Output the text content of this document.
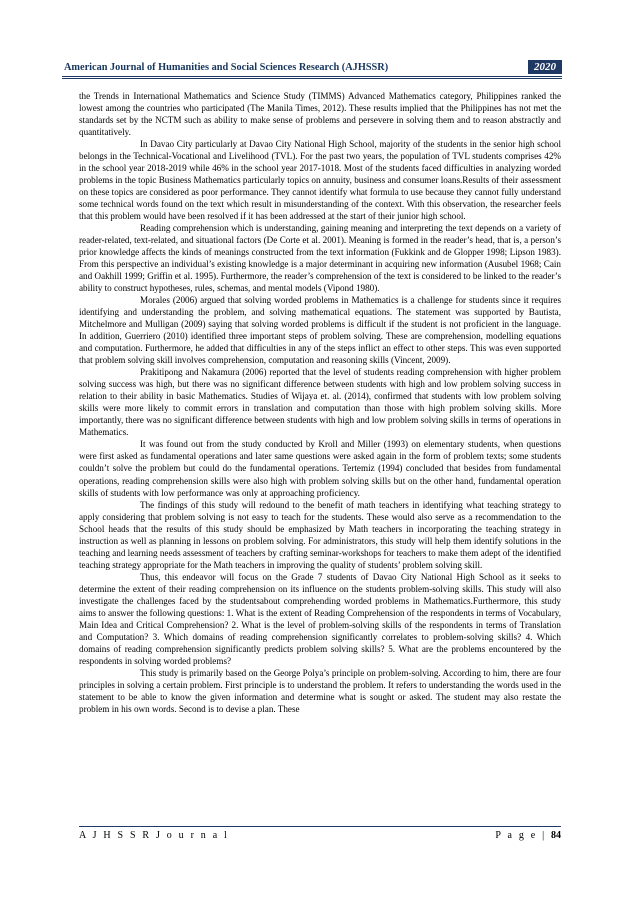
American Journal of Humanities and Social Sciences Research (AJHSSR)	2020

the Trends in International Mathematics and Science Study (TIMMS) Advanced Mathematics category, Philippines ranked the lowest among the countries who participated (The Manila Times, 2012). These results implied that the Philippines has not met the standards set by the NCTM such as ability to make sense of problems and persevere in solving them and to reason abstractly and quantitatively.

In Davao City particularly at Davao City National High School, majority of the students in the senior high school belongs in the Technical-Vocational and Livelihood (TVL). For the past two years, the population of TVL students comprises 42% in the school year 2018-2019 while 46% in the school year 2017-1018. Most of the students faced difficulties in analyzing worded problems in the topic Business Mathematics particularly topics on annuity, business and consumer loans.Results of their assessment on these topics are considered as poor performance. They cannot identify what formula to use because they cannot fully understand some technical words found on the text which result in misunderstanding of the context. With this observation, the researcher feels that this problem would have been resolved if it has been addressed at the start of their junior high school.

Reading comprehension which is understanding, gaining meaning and interpreting the text depends on a variety of reader-related, text-related, and situational factors (De Corte et al. 2001). Meaning is formed in the reader’s head, that is, a person’s prior knowledge affects the kinds of meanings constructed from the text information (Fukkink and de Glopper 1998; Lipson 1983). From this perspective an individual’s existing knowledge is a major determinant in acquiring new information (Ausubel 1968; Cain and Oakhill 1999; Griffin et al. 1995). Furthermore, the reader’s comprehension of the text is considered to be linked to the reader’s ability to construct hypotheses, rules, schemas, and mental models (Vipond 1980).

Morales (2006) argued that solving worded problems in Mathematics is a challenge for students since it requires identifying and understanding the problem, and solving mathematical equations. The statement was supported by Bautista, Mitchelmore and Mulligan (2009) saying that solving worded problems is difficult if the student is not proficient in the language. In addition, Guerriero (2010) identified three important steps of problem solving. These are comprehension, modelling equations and computation. Furthermore, he added that difficulties in any of the steps inflict an effect to other steps. This was even supported that problem solving skill involves comprehension, computation and reasoning skills (Vincent, 2009).

Prakitipong and Nakamura (2006) reported that the level of students reading comprehension with higher problem solving success was high, but there was no significant difference between students with high and low problem solving success in relation to their ability in basic Mathematics. Studies of Wijaya et. al. (2014), confirmed that students with low problem solving skills were more likely to commit errors in translation and computation than those with high problem solving skills. More importantly, there was no significant difference between students with high and low problem solving skills in terms of operations in Mathematics.

It was found out from the study conducted by Kroll and Miller (1993) on elementary students, when questions were first asked as fundamental operations and later same questions were asked again in the form of problem texts; some students couldn’t solve the problem but could do the fundamental operations. Tertemiz (1994) concluded that besides from fundamental operations, reading comprehension skills were also high with problem solving skills but on the other hand, fundamental operation skills of students with low performance was only at approaching proficiency.

The findings of this study will redound to the benefit of math teachers in identifying what teaching strategy to apply considering that problem solving is not easy to teach for the students. These would also serve as a recommendation to the School heads that the results of this study should be emphasized by Math teachers in incorporating the teaching strategy in instruction as well as planning in lessons on problem solving. For administrators, this study will help them identify solutions in the teaching and learning needs assessment of teachers by crafting seminar-workshops for teachers to make them adept of the identified teaching strategy appropriate for the Math teachers in improving the quality of students’ problem solving skill.

Thus, this endeavor will focus on the Grade 7 students of Davao City National High School as it seeks to determine the extent of their reading comprehension on its influence on the students problem-solving skills. This study will also investigate the challenges faced by the studentsabout comprehending worded problems in Mathematics.Furthermore, this study aims to answer the following questions: 1. What is the extent of Reading Comprehension of the respondents in terms of Vocabulary, Main Idea and Critical Comprehension? 2. What is the level of problem-solving skills of the respondents in terms of Translation and Computation? 3. Which domains of reading comprehension significantly correlates to problem-solving skills? 4. Which domains of reading comprehension significantly predicts problem solving skills? 5. What are the problems encountered by the respondents in solving worded problems?

This study is primarily based on the George Polya’s principle on problem-solving. According to him, there are four principles in solving a certain problem. First principle is to understand the problem. It refers to understanding the words used in the statement to be able to know the given information and determine what is sought or asked. The student may also restate the problem in his own words. Second is to devise a plan. These

A J H S S R J o u r n a l	P a g e | 84
